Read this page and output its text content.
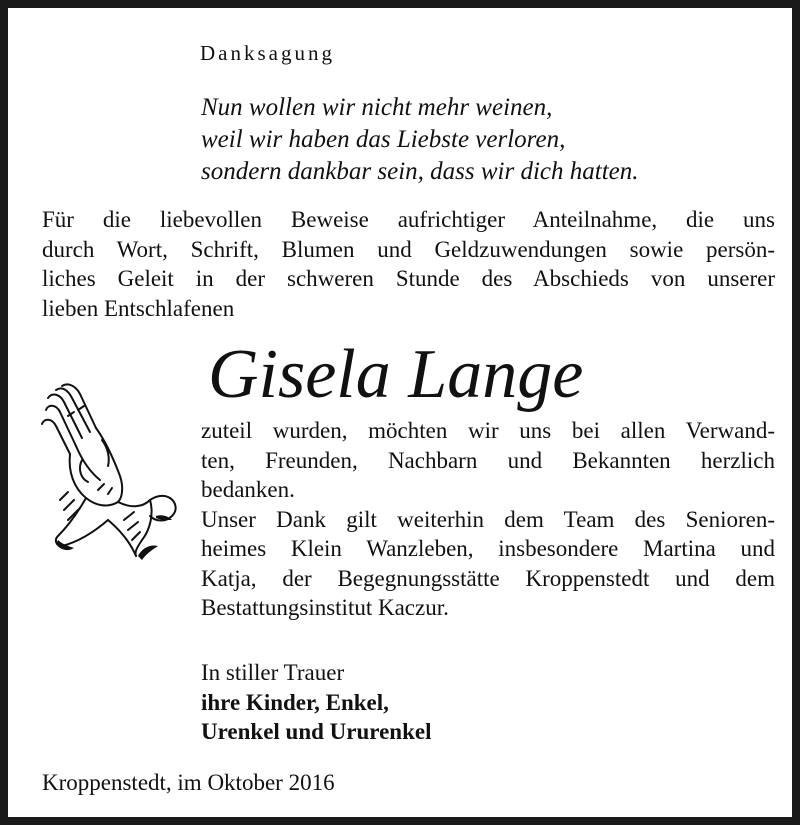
Danksagung
Nun wollen wir nicht mehr weinen,
weil wir haben das Liebste verloren,
sondern dankbar sein, dass wir dich hatten.
Für die liebevollen Beweise aufrichtiger Anteilnahme, die uns
durch Wort, Schrift, Blumen und Geldzuwendungen sowie persön-
liches Geleit in der schweren Stunde des Abschieds von unserer
lieben Entschlafenen
Gisela Lange
zuteil wurden, möchten wir uns bei allen Verwand-
ten, Freunden, Nachbarn und Bekannten herzlich
bedanken.
Unser Dank gilt weiterhin dem Team des Senioren-
heimes Klein Wanzleben, insbesondere Martina und
Katja, der Begegnungsstätte Kroppenstedt und dem
Bestattungsinstitut Kaczur.
In stiller Trauer
ihre Kinder, Enkel,
Urenkel und Ururenkel
Kroppenstedt, im Oktober 2016
